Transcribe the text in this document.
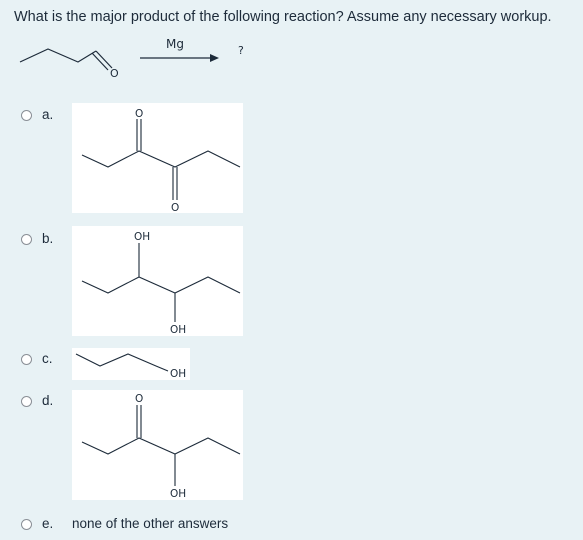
What is the major product of the following reaction? Assume any necessary workup.
O
Mg	?
a.	O
O
b.	OH
OH
c.
OH
d.	O
OH
e. none of the other answers
